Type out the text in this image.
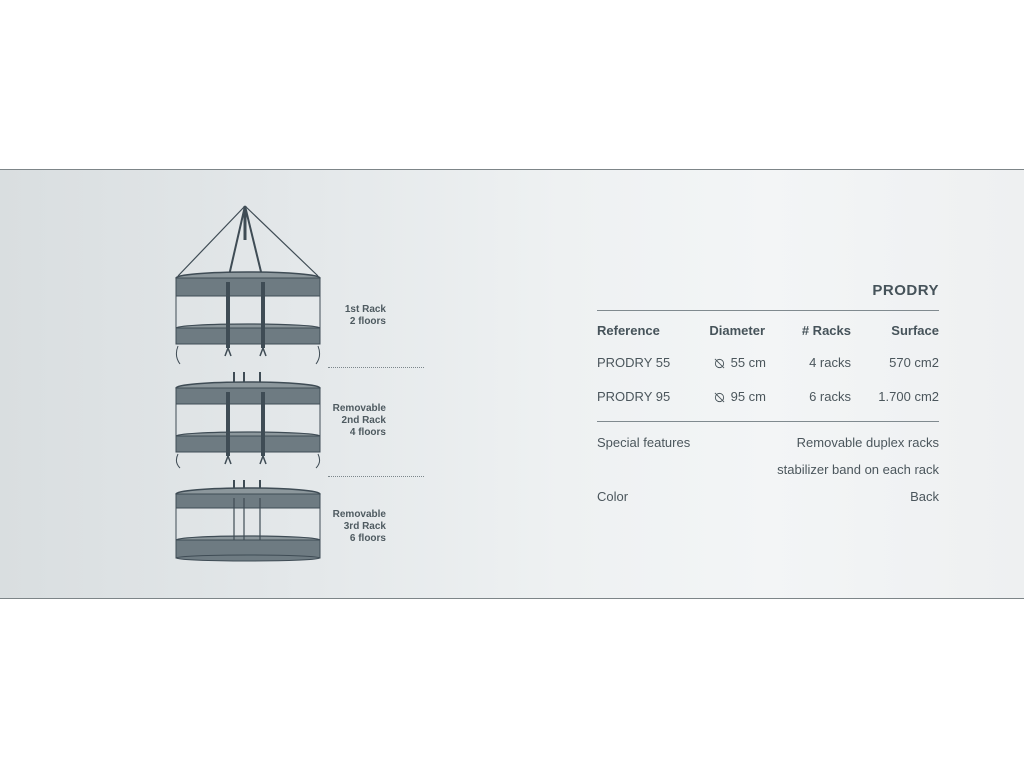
1st Rack
2 floors
Removable
2nd Rack
4 floors
Removable
3rd Rack
6 floors
PRODRY
Reference	Diameter	# Racks	Surface
PRODRY 55	55 cm	4 racks	570 cm2
PRODRY 95	95 cm	6 racks	1.700 cm2
Special features	Removable duplex racks
stabilizer band on each rack
Color	Back
